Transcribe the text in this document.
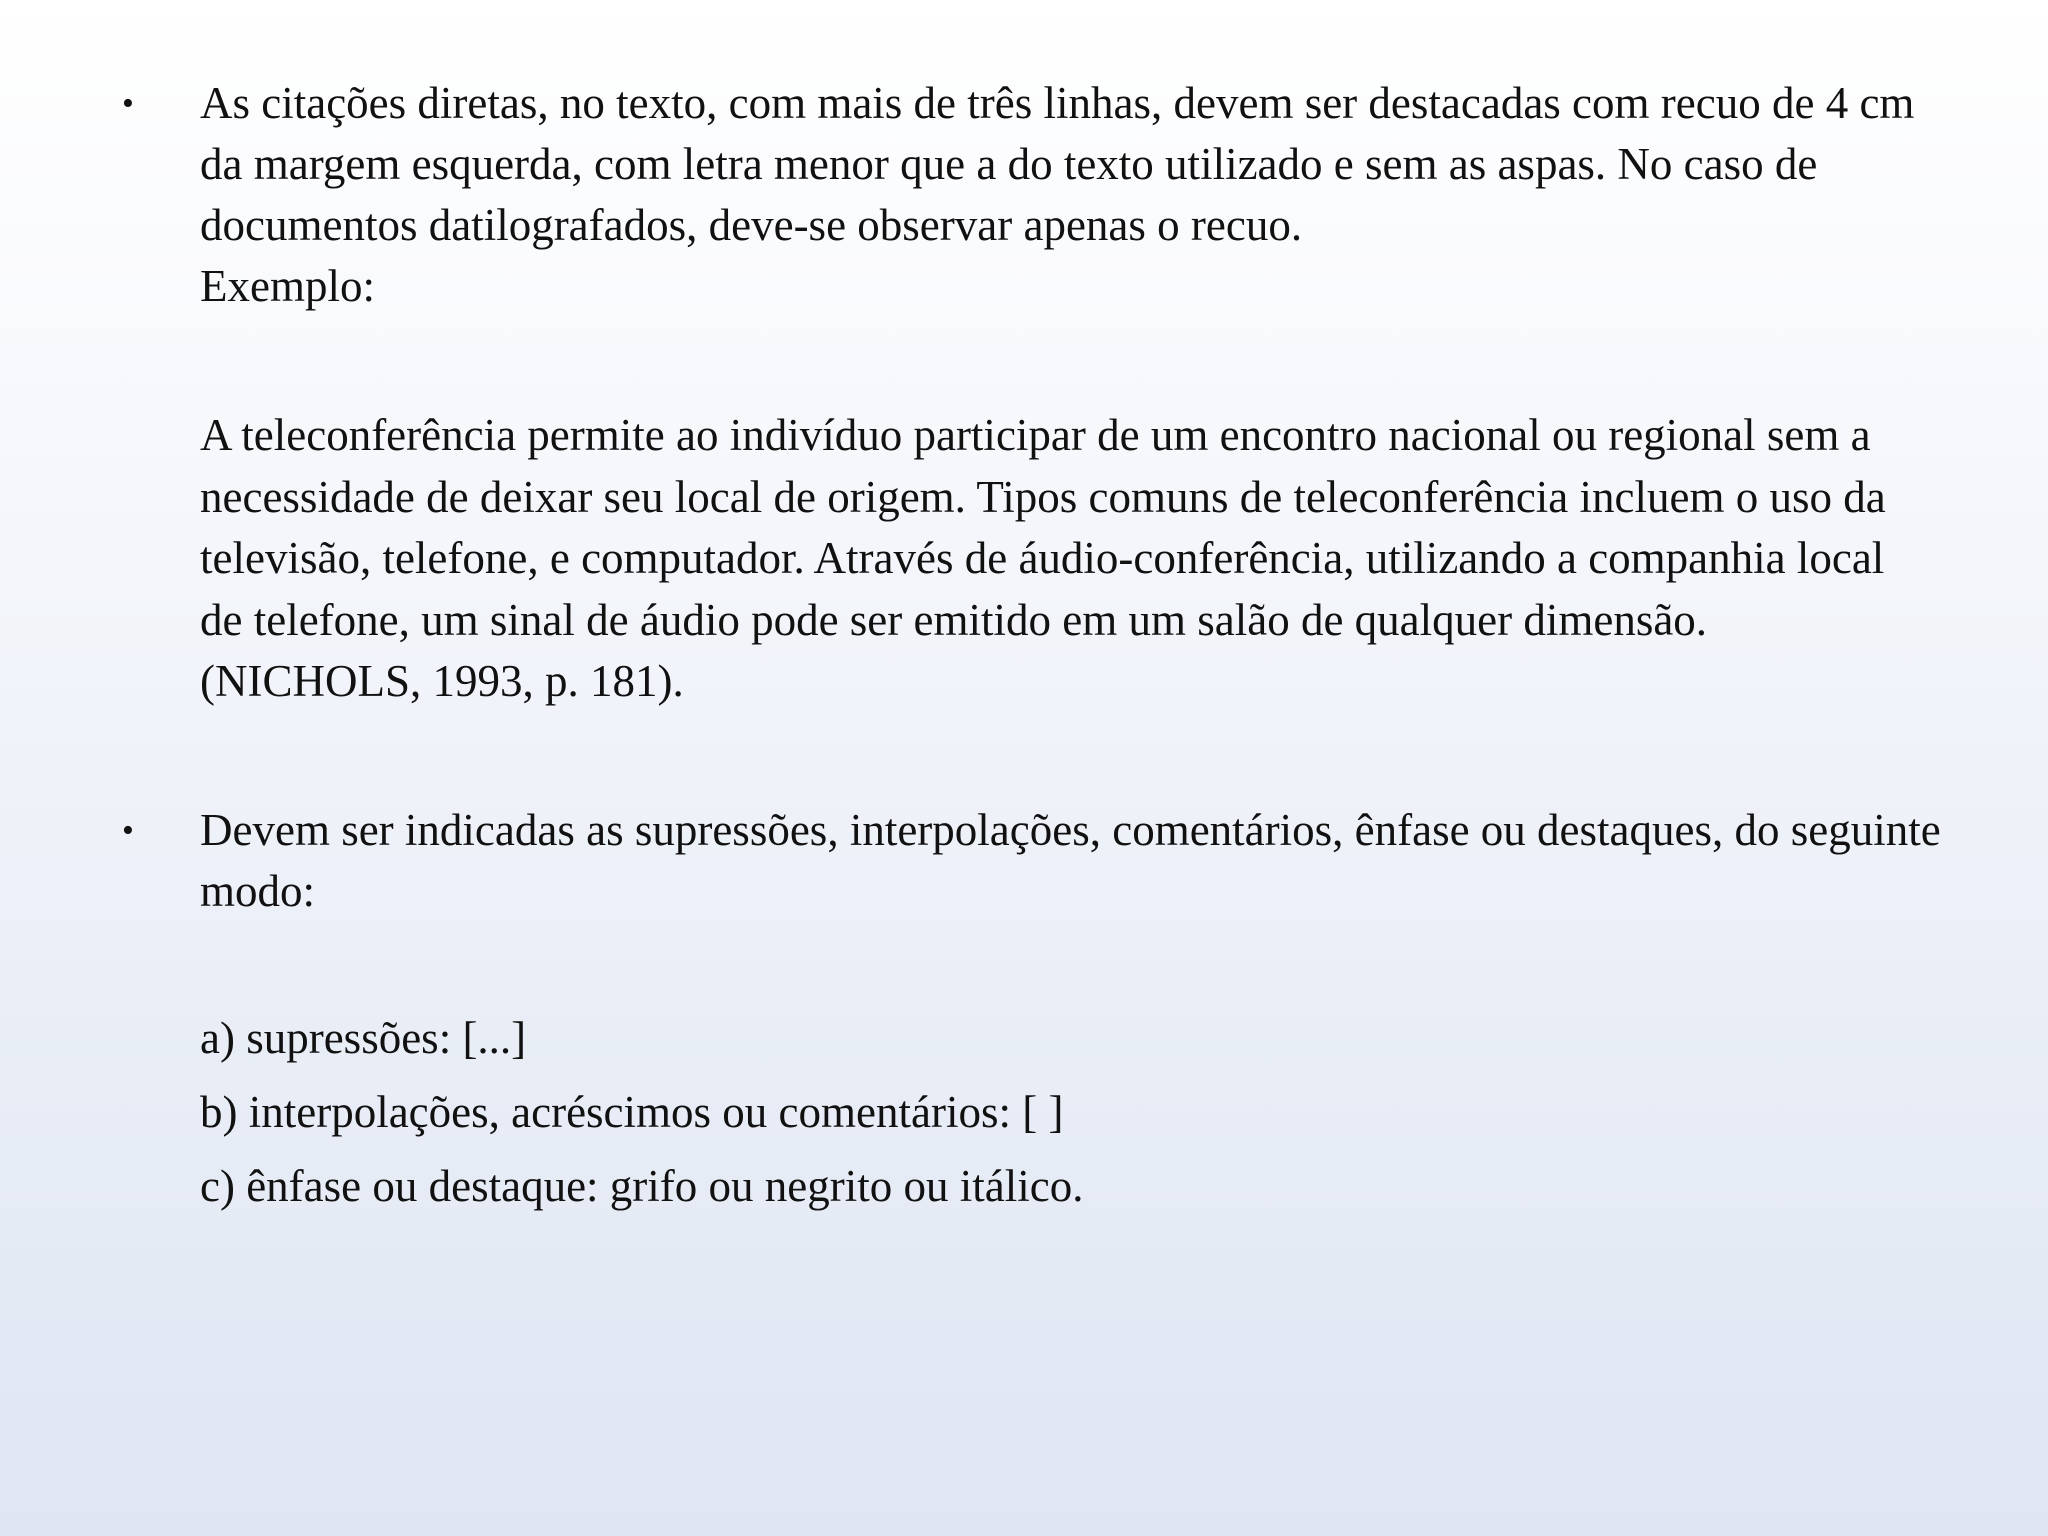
• As citações diretas, no texto, com mais de três linhas, devem ser destacadas com recuo de 4 cm da margem esquerda, com letra menor que a do texto utilizado e sem as aspas. No caso de documentos datilografados, deve-se observar apenas o recuo.
Exemplo:

A teleconferência permite ao indivíduo participar de um encontro nacional ou regional sem a necessidade de deixar seu local de origem. Tipos comuns de teleconferência incluem o uso da televisão, telefone, e computador. Através de áudio-conferência, utilizando a companhia local de telefone, um sinal de áudio pode ser emitido em um salão de qualquer dimensão. (NICHOLS, 1993, p. 181).

• Devem ser indicadas as supressões, interpolações, comentários, ênfase ou destaques, do seguinte modo:
a) supressões: [...]
b) interpolações, acréscimos ou comentários: [ ]
c) ênfase ou destaque: grifo ou negrito ou itálico.
